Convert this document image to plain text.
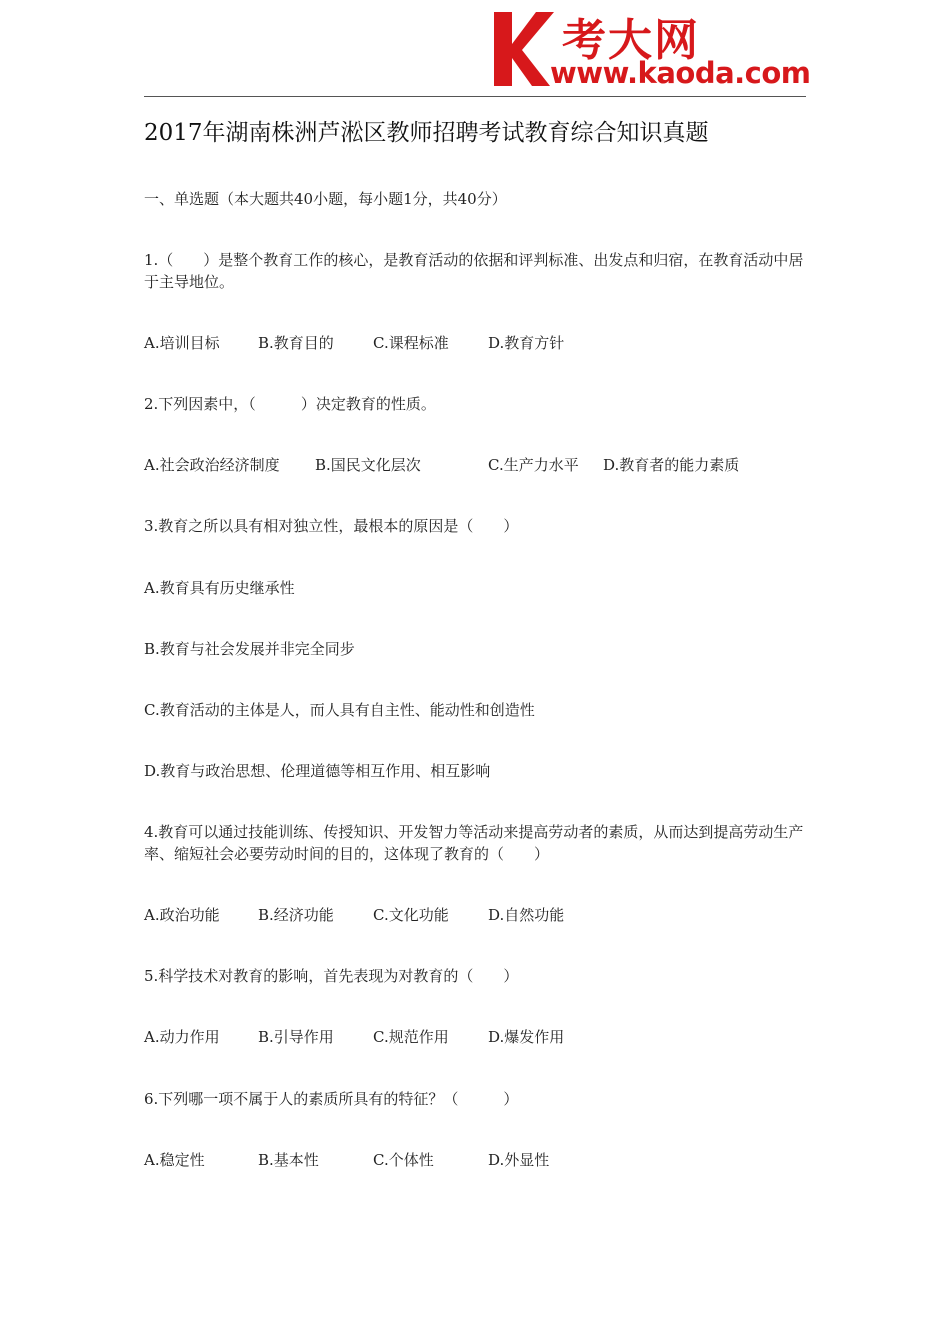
考大网
www.kaoda.com
2017年湖南株洲芦淞区教师招聘考试教育综合知识真题
一、单选题（本大题共40小题，每小题1分，共40分）
1.（　　）是整个教育工作的核心，是教育活动的依据和评判标准、出发点和归宿，在教育活动中居于主导地位。
A.培训目标	B.教育目的	C.课程标准	D.教育方针
2.下列因素中，（　　　）决定教育的性质。
A.社会政治经济制度 B.国民文化层次	C.生产力水平 D.教育者的能力素质
3.教育之所以具有相对独立性，最根本的原因是（　　）
A.教育具有历史继承性
B.教育与社会发展并非完全同步
C.教育活动的主体是人，而人具有自主性、能动性和创造性
D.教育与政治思想、伦理道德等相互作用、相互影响
4.教育可以通过技能训练、传授知识、开发智力等活动来提高劳动者的素质，从而达到提高劳动生产率、缩短社会必要劳动时间的目的，这体现了教育的（　　）
A.政治功能	B.经济功能	C.文化功能	D.自然功能
5.科学技术对教育的影响，首先表现为对教育的（　　）
A.动力作用	B.引导作用	C.规范作用	D.爆发作用
6.下列哪一项不属于人的素质所具有的特征？（　　　）
A.稳定性	B.基本性	C.个体性	D.外显性
